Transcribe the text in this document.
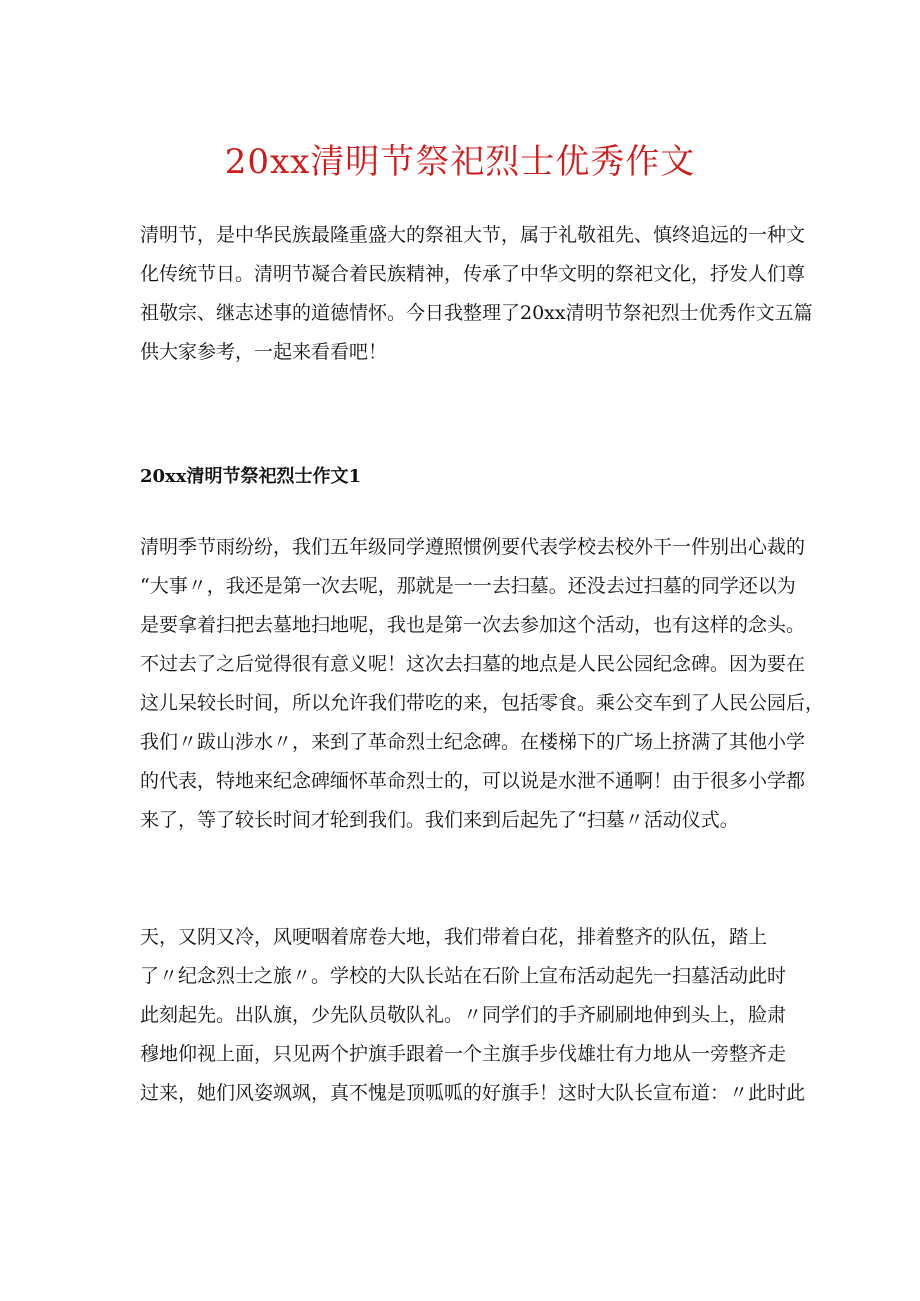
20xx清明节祭祀烈士优秀作文

清明节，是中华民族最隆重盛大的祭祖大节，属于礼敬祖先、慎终追远的一种文
化传统节日。清明节凝合着民族精神，传承了中华文明的祭祀文化，抒发人们尊
祖敬宗、继志述事的道德情怀。今日我整理了20xx清明节祭祀烈士优秀作文五篇
供大家参考，一起来看看吧！

20xx清明节祭祀烈士作文1

清明季节雨纷纷，我们五年级同学遵照惯例要代表学校去校外干一件别出心裁的
“大事〃，我还是第一次去呢，那就是一一去扫墓。还没去过扫墓的同学还以为
是要拿着扫把去墓地扫地呢，我也是第一次去参加这个活动，也有这样的念头。
不过去了之后觉得很有意义呢！这次去扫墓的地点是人民公园纪念碑。因为要在
这儿呆较长时间，所以允许我们带吃的来，包括零食。乘公交车到了人民公园后，
我们〃跋山涉水〃，来到了革命烈士纪念碑。在楼梯下的广场上挤满了其他小学
的代表，特地来纪念碑缅怀革命烈士的，可以说是水泄不通啊！由于很多小学都
来了，等了较长时间才轮到我们。我们来到后起先了“扫墓〃活动仪式。

天，又阴又冷，风哽咽着席卷大地，我们带着白花，排着整齐的队伍，踏上
了〃纪念烈士之旅〃。学校的大队长站在石阶上宣布活动起先一扫墓活动此时
此刻起先。出队旗，少先队员敬队礼。〃同学们的手齐刷刷地伸到头上，脸肃
穆地仰视上面，只见两个护旗手跟着一个主旗手步伐雄壮有力地从一旁整齐走
过来，她们风姿飒飒，真不愧是顶呱呱的好旗手！这时大队长宣布道：〃此时此
